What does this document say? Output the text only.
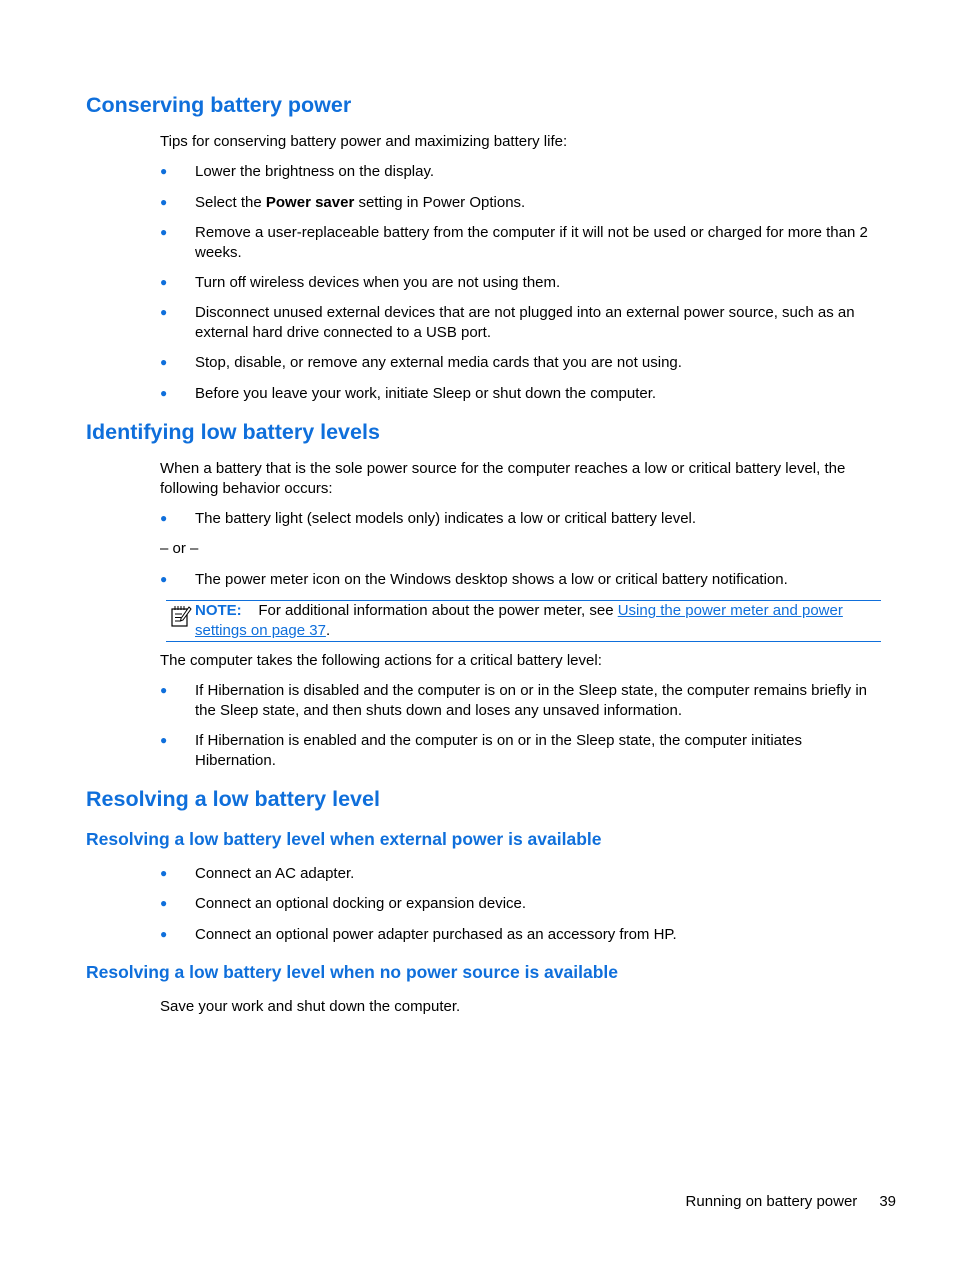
Conserving battery power
Tips for conserving battery power and maximizing battery life:
● Lower the brightness on the display.
● Select the Power saver setting in Power Options.
● Remove a user-replaceable battery from the computer if it will not be used or charged for more than 2 weeks.
● Turn off wireless devices when you are not using them.
● Disconnect unused external devices that are not plugged into an external power source, such as an external hard drive connected to a USB port.
● Stop, disable, or remove any external media cards that you are not using.
● Before you leave your work, initiate Sleep or shut down the computer.
Identifying low battery levels
When a battery that is the sole power source for the computer reaches a low or critical battery level, the following behavior occurs:
● The battery light (select models only) indicates a low or critical battery level.
– or –
● The power meter icon on the Windows desktop shows a low or critical battery notification.
NOTE: For additional information about the power meter, see Using the power meter and power settings on page 37.
The computer takes the following actions for a critical battery level:
● If Hibernation is disabled and the computer is on or in the Sleep state, the computer remains briefly in the Sleep state, and then shuts down and loses any unsaved information.
● If Hibernation is enabled and the computer is on or in the Sleep state, the computer initiates Hibernation.
Resolving a low battery level
Resolving a low battery level when external power is available
● Connect an AC adapter.
● Connect an optional docking or expansion device.
● Connect an optional power adapter purchased as an accessory from HP.
Resolving a low battery level when no power source is available
Save your work and shut down the computer.
Running on battery power 39
